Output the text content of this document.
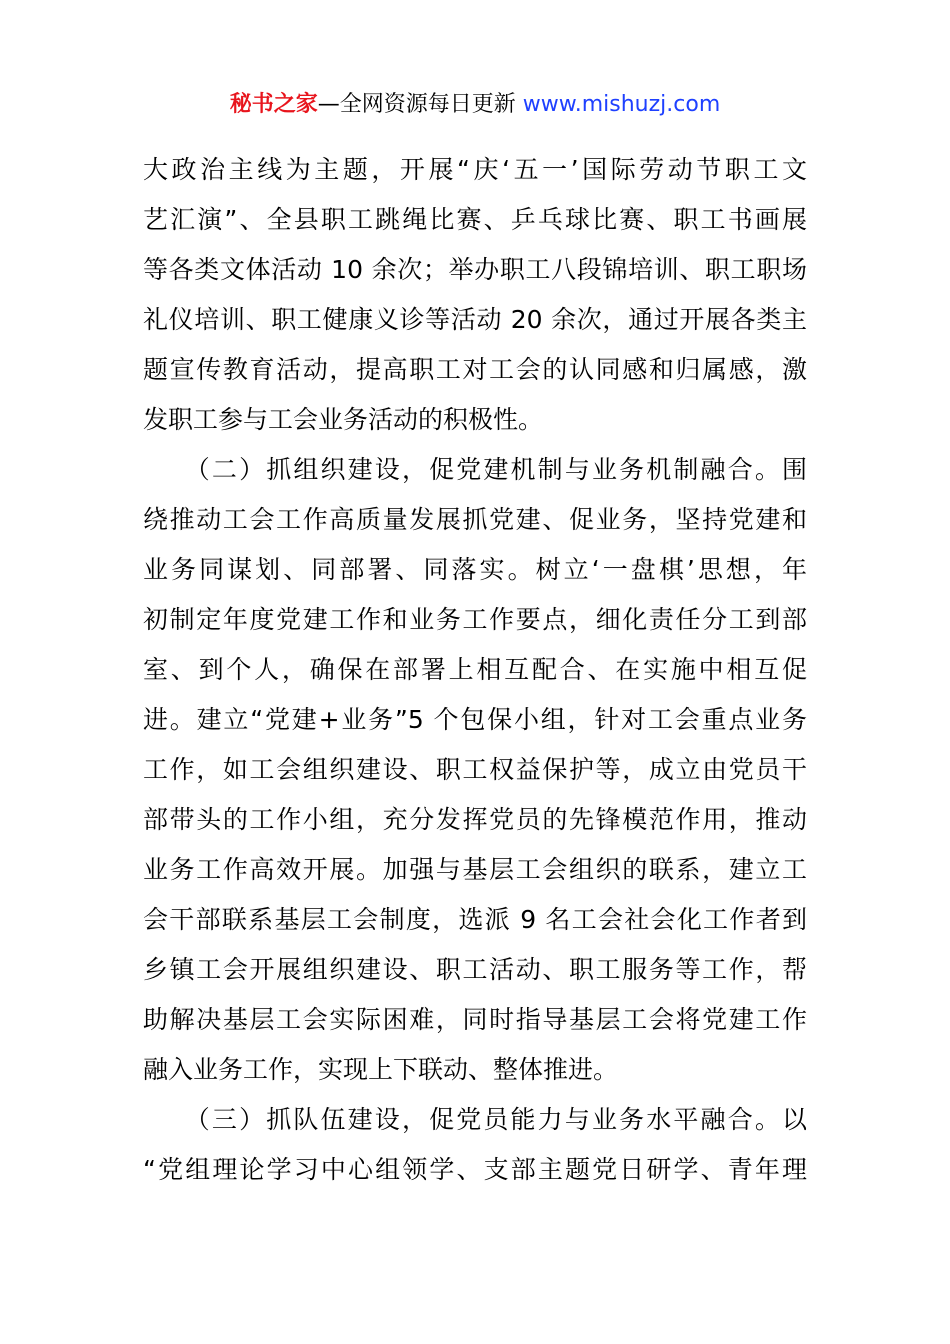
秘书之家—全网资源每日更新 www.mishuzj.com
大政治主线为主题，开展“庆‘五一’国际劳动节职工文
艺汇演”、全县职工跳绳比赛、乒乓球比赛、职工书画展
等各类文体活动 10 余次；举办职工八段锦培训、职工职场
礼仪培训、职工健康义诊等活动 20 余次，通过开展各类主
题宣传教育活动，提高职工对工会的认同感和归属感，激
发职工参与工会业务活动的积极性。
　　（二）抓组织建设，促党建机制与业务机制融合。围
绕推动工会工作高质量发展抓党建、促业务，坚持党建和
业务同谋划、同部署、同落实。树立‘一盘棋’思想，年
初制定年度党建工作和业务工作要点，细化责任分工到部
室、到个人，确保在部署上相互配合、在实施中相互促
进。建立“党建+业务”5 个包保小组，针对工会重点业务
工作，如工会组织建设、职工权益保护等，成立由党员干
部带头的工作小组，充分发挥党员的先锋模范作用，推动
业务工作高效开展。加强与基层工会组织的联系，建立工
会干部联系基层工会制度，选派 9 名工会社会化工作者到
乡镇工会开展组织建设、职工活动、职工服务等工作，帮
助解决基层工会实际困难，同时指导基层工会将党建工作
融入业务工作，实现上下联动、整体推进。
　　（三）抓队伍建设，促党员能力与业务水平融合。以
“党组理论学习中心组领学、支部主题党日研学、青年理
